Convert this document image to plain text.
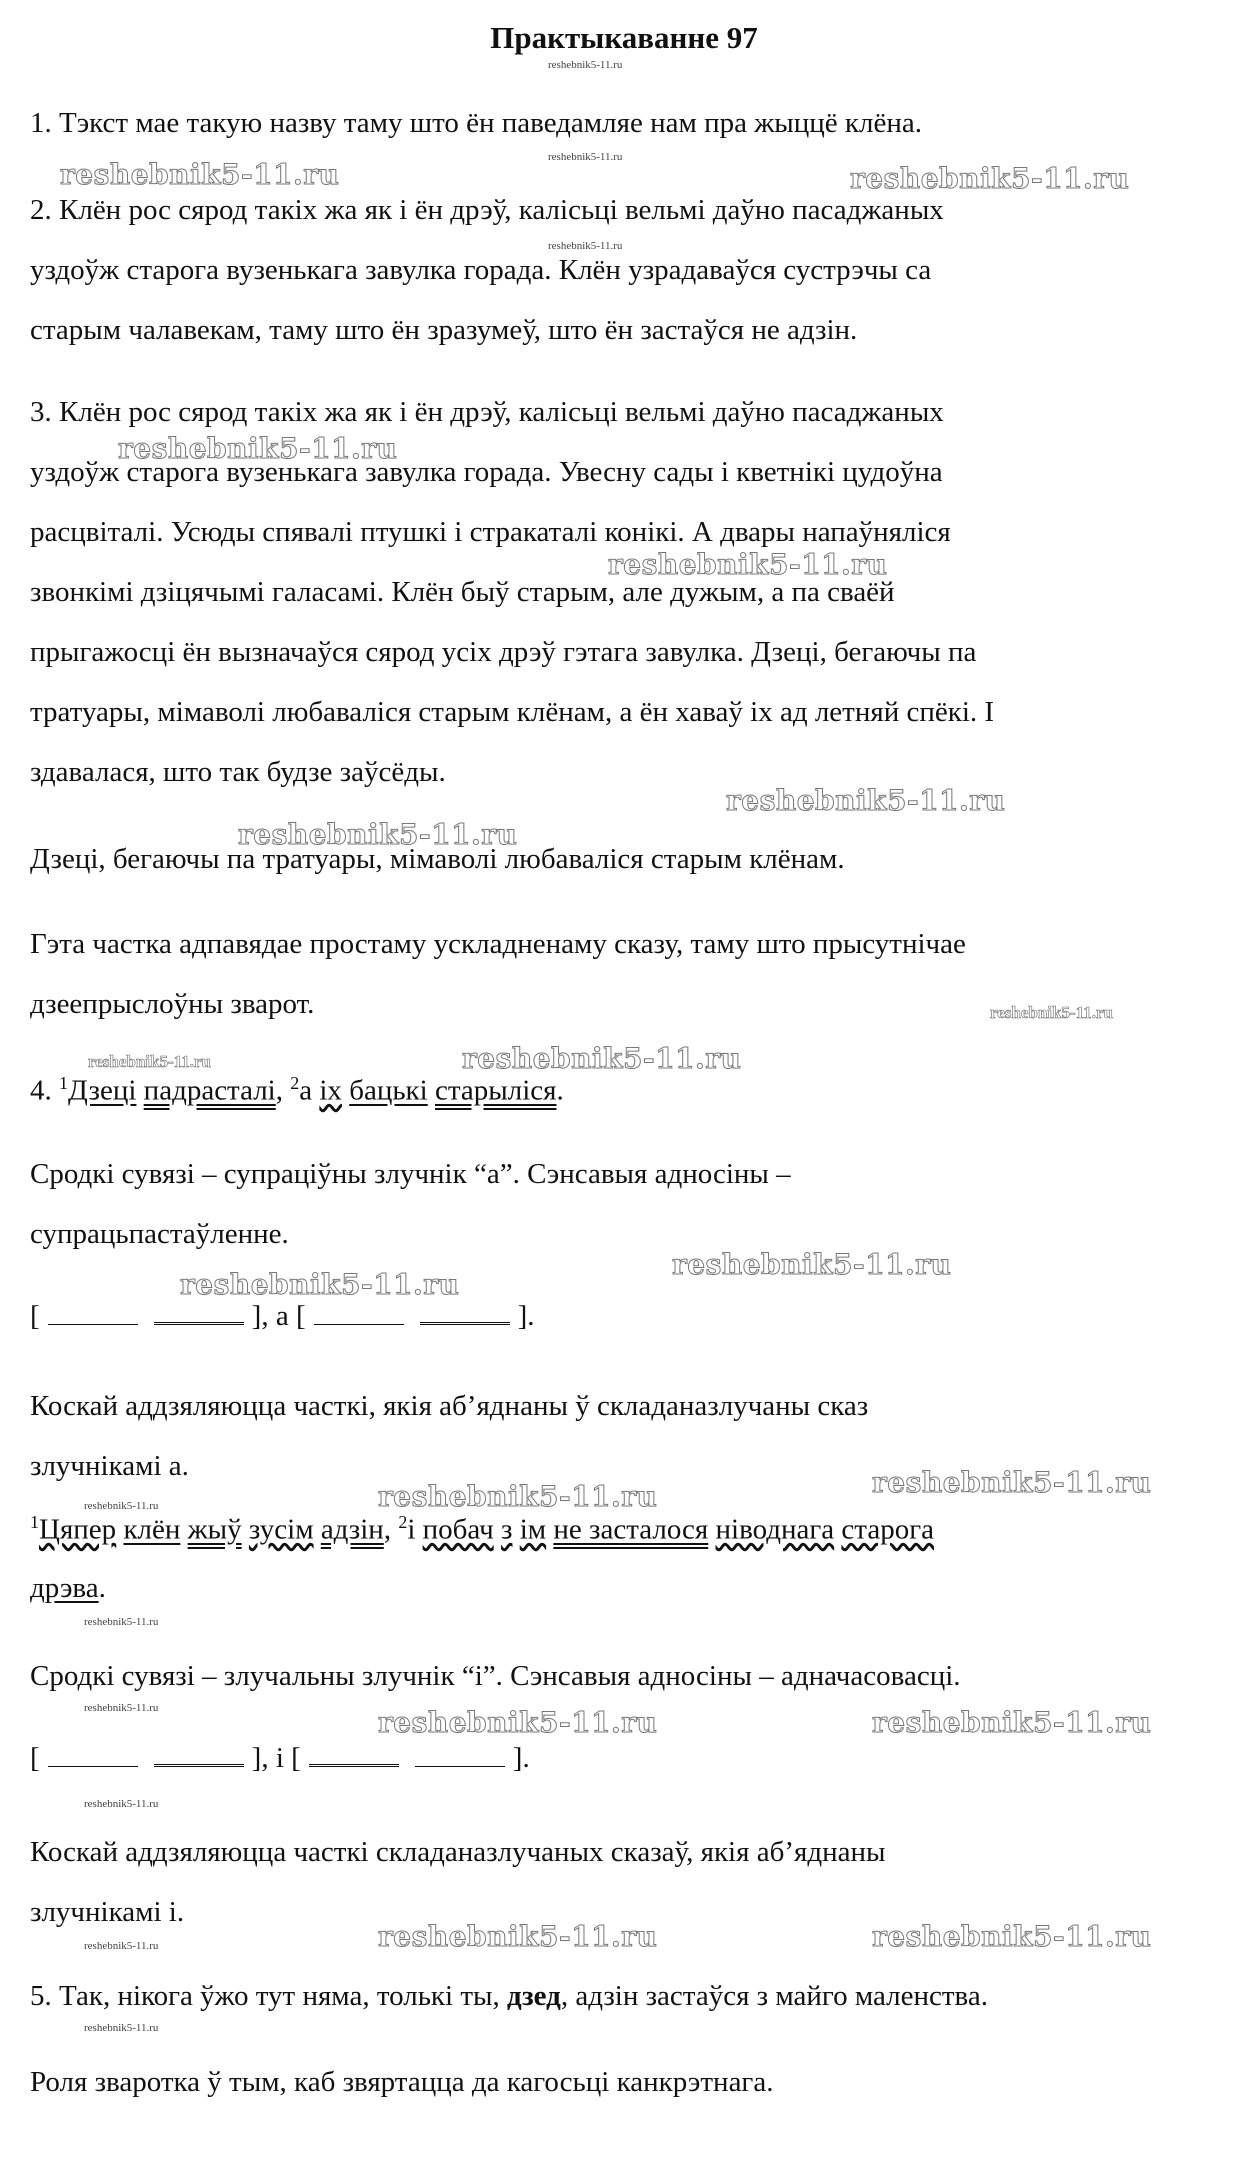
Практыкаванне 97
reshebnik5-11.ru
1. Тэкст мае такую назву таму што ён паведамляе нам пра жыццё клёна.
reshebnik5-11.ru
reshebnik5-11.ru	reshebnik5-11.ru
2. Клён рос сярод такіх жа як і ён дрэў, калісьці вельмі даўно пасаджаных
reshebnik5-11.ru
уздоўж старога вузенькага завулка горада. Клён узрадаваўся сустрэчы са
старым чалавекам, таму што ён зразумеў, што ён застаўся не адзін.
3. Клён рос сярод такіх жа як і ён дрэў, калісьці вельмі даўно пасаджаных
reshebnik5-11.ru
уздоўж старога вузенькага завулка горада. Увесну сады і кветнікі цудоўна
расцвіталі. Усюды спявалі птушкі і стракаталі конікі. А двары напаўняліся
reshebnik5-11.ru
звонкімі дзіцячымі галасамі. Клён быў старым, але дужым, а па сваёй
прыгажосці ён вызначаўся сярод усіх дрэў гэтага завулка. Дзеці, бегаючы па
тратуары, мімаволі любаваліся старым клёнам, а ён хаваў іх ад летняй спёкі. І
здавалася, што так будзе заўсёды.
reshebnik5-11.ru
reshebnik5-11.ru
Дзеці, бегаючы па тратуары, мімаволі любаваліся старым клёнам.
Гэта частка адпавядае простаму ускладненаму сказу, таму што прысутнічае
дзеепрыслоўны зварот.	reshebnik5-11.ru
reshebnik5-11.ru	reshebnik5-11.ru
4. $^1$Дзеці падрасталі, $^2$а іх бацькі старыліся.
Сродкі сувязі – супрацiўны злучнік “а”. Сэнсавыя адносіны –
супрацьпастаўленне.
reshebnik5-11.ru
reshebnik5-11.ru
[	], а [	].
Коскай аддзяляюцца часткі, якія аб’яднаны ў складаназлучаны сказ
злучнікамі а.
reshebnik5-11.ru	reshebnik5-11.ru
reshebnik5-11.ru
$^1$Цяпер клён жыў зусім адзін, $^2$і побач з ім не засталося ніводнага старога
дрэва.
reshebnik5-11.ru
Сродкі сувязі – злучальны злучнік “і”. Сэнсавыя адносіны – адначасовасці.
reshebnik5-11.ru	reshebnik5-11.ru	reshebnik5-11.ru
[	], і [	].
reshebnik5-11.ru
Коскай аддзяляюцца часткі складаназлучаных сказаў, якія аб’яднаны
злучнікамі і.
reshebnik5-11.ru	reshebnik5-11.ru	reshebnik5-11.ru
5. Так, нікога ўжо тут няма, толькі ты, дзед, адзін застаўся з майго маленства.
reshebnik5-11.ru
Роля зваротка ў тым, каб звяртацца да кагосьці канкрэтнага.
